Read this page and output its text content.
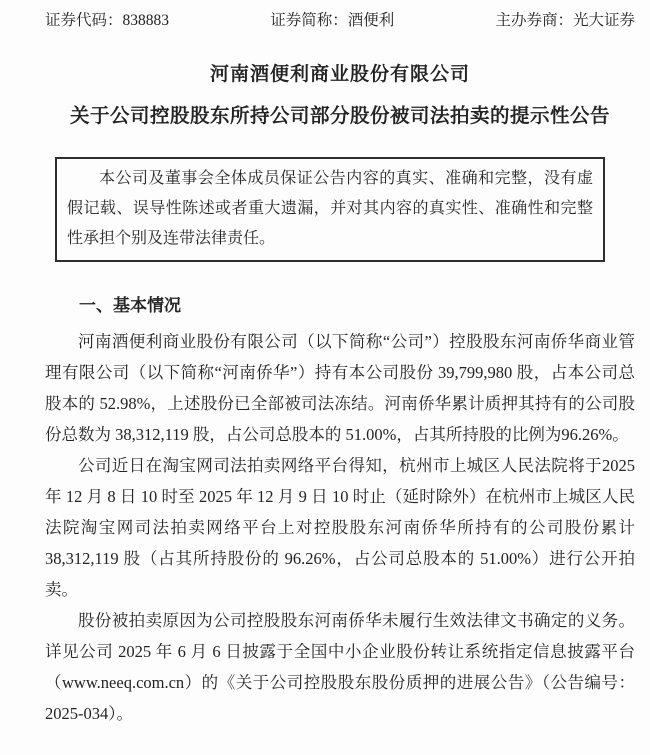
证券代码：838883	证券简称：酒便利	主办券商：光大证券
河南酒便利商业股份有限公司
关于公司控股股东所持公司部分股份被司法拍卖的提示性公告

本公司及董事会全体成员保证公告内容的真实、准确和完整，没有虚假记载、误导性陈述或者重大遗漏，并对其内容的真实性、准确性和完整性承担个别及连带法律责任。

一、基本情况

河南酒便利商业股份有限公司（以下简称“公司”）控股股东河南侨华商业管理有限公司（以下简称“河南侨华”）持有本公司股份 39,799,980 股，占本公司总股本的 52.98%，上述股份已全部被司法冻结。河南侨华累计质押其持有的公司股份总数为 38,312,119 股，占公司总股本的 51.00%，占其所持股的比例为96.26%。

公司近日在淘宝网司法拍卖网络平台得知，杭州市上城区人民法院将于2025 年 12 月 8 日 10 时至 2025 年 12 月 9 日 10 时止（延时除外）在杭州市上城区人民法院淘宝网司法拍卖网络平台上对控股股东河南侨华所持有的公司股份累计 38,312,119 股（占其所持股份的 96.26%，占公司总股本的 51.00%）进行公开拍卖。

股份被拍卖原因为公司控股股东河南侨华未履行生效法律文书确定的义务。详见公司 2025 年 6 月 6 日披露于全国中小企业股份转让系统指定信息披露平台（www.neeq.com.cn）的《关于公司控股股东股份质押的进展公告》（公告编号：2025-034）。
